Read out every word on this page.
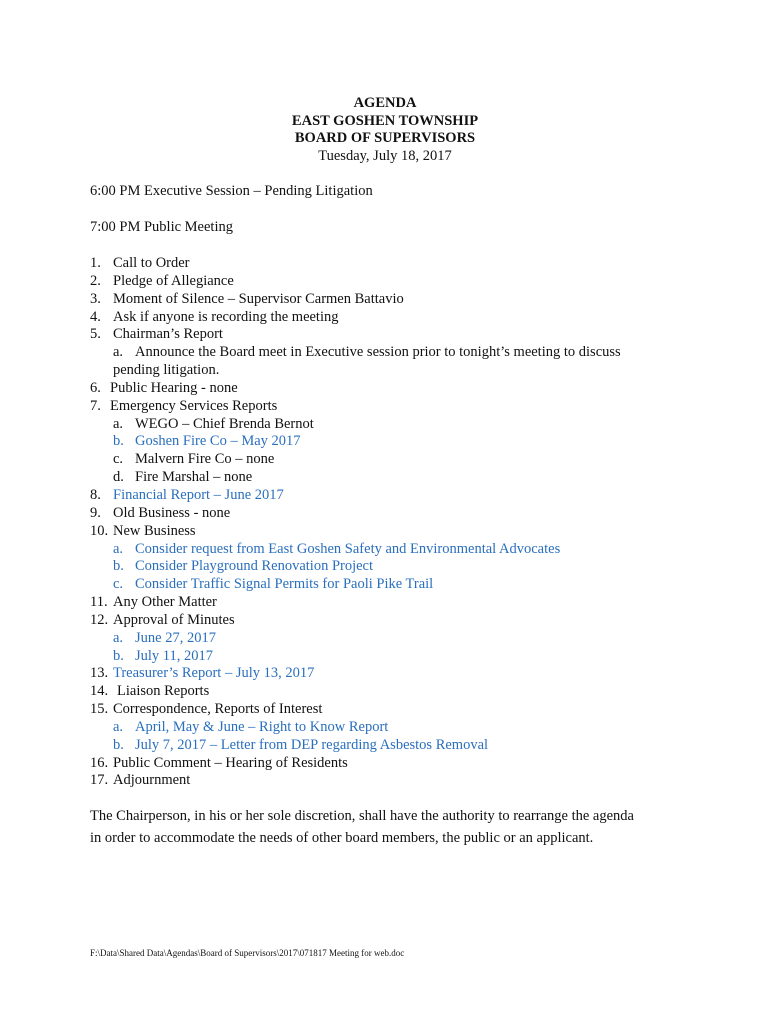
AGENDA
EAST GOSHEN TOWNSHIP
BOARD OF SUPERVISORS
Tuesday, July 18, 2017
6:00 PM Executive Session – Pending Litigation
7:00 PM Public Meeting
1. Call to Order
2. Pledge of Allegiance
3. Moment of Silence – Supervisor Carmen Battavio
4. Ask if anyone is recording the meeting
5. Chairman’s Report
a. Announce the Board meet in Executive session prior to tonight’s meeting to discuss
pending litigation.
6. Public Hearing - none
7. Emergency Services Reports
a. WEGO – Chief Brenda Bernot
b. Goshen Fire Co – May 2017
c. Malvern Fire Co – none
d. Fire Marshal – none
8. Financial Report – June 2017
9. Old Business - none
10. New Business
a. Consider request from East Goshen Safety and Environmental Advocates
b. Consider Playground Renovation Project
c. Consider Traffic Signal Permits for Paoli Pike Trail
11. Any Other Matter
12. Approval of Minutes
a. June 27, 2017
b. July 11, 2017
13. Treasurer’s Report – July 13, 2017
14. Liaison Reports
15. Correspondence, Reports of Interest
a. April, May & June – Right to Know Report
b. July 7, 2017 – Letter from DEP regarding Asbestos Removal
16. Public Comment – Hearing of Residents
17. Adjournment
The Chairperson, in his or her sole discretion, shall have the authority to rearrange the agenda
in order to accommodate the needs of other board members, the public or an applicant.
F:\Data\Shared Data\Agendas\Board of Supervisors\2017\071817 Meeting for web.doc
